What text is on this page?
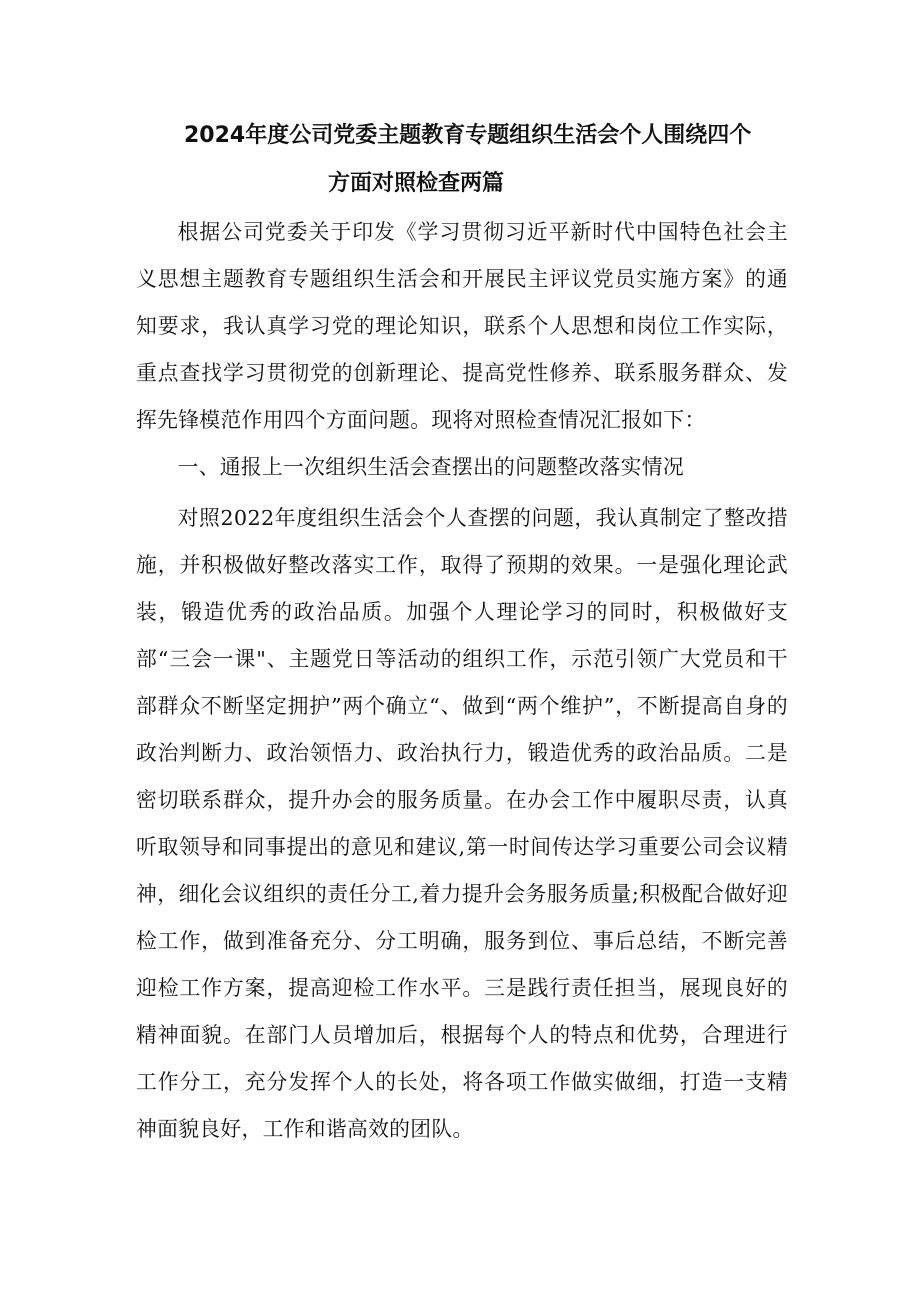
2024年度公司党委主题教育专题组织生活会个人围绕四个
方面对照检查两篇
根据公司党委关于印发《学习贯彻习近平新时代中国特色社会主义思想主题教育专题组织生活会和开展民主评议党员实施方案》的通知要求，我认真学习党的理论知识，联系个人思想和岗位工作实际，重点查找学习贯彻党的创新理论、提高党性修养、联系服务群众、发挥先锋模范作用四个方面问题。现将对照检查情况汇报如下：
一、通报上一次组织生活会查摆出的问题整改落实情况
对照2022年度组织生活会个人查摆的问题，我认真制定了整改措施，并积极做好整改落实工作，取得了预期的效果。一是强化理论武装，锻造优秀的政治品质。加强个人理论学习的同时，积极做好支部“三会一课"、主题党日等活动的组织工作，示范引领广大党员和干部群众不断坚定拥护”两个确立“、做到“两个维护”，不断提高自身的政治判断力、政治领悟力、政治执行力，锻造优秀的政治品质。二是密切联系群众，提升办会的服务质量。在办会工作中履职尽责，认真听取领导和同事提出的意见和建议,第一时间传达学习重要公司会议精神，细化会议组织的责任分工,着力提升会务服务质量;积极配合做好迎检工作，做到准备充分、分工明确，服务到位、事后总结，不断完善迎检工作方案，提高迎检工作水平。三是践行责任担当，展现良好的精神面貌。在部门人员增加后，根据每个人的特点和优势，合理进行工作分工，充分发挥个人的长处，将各项工作做实做细，打造一支精神面貌良好，工作和谐高效的团队。
